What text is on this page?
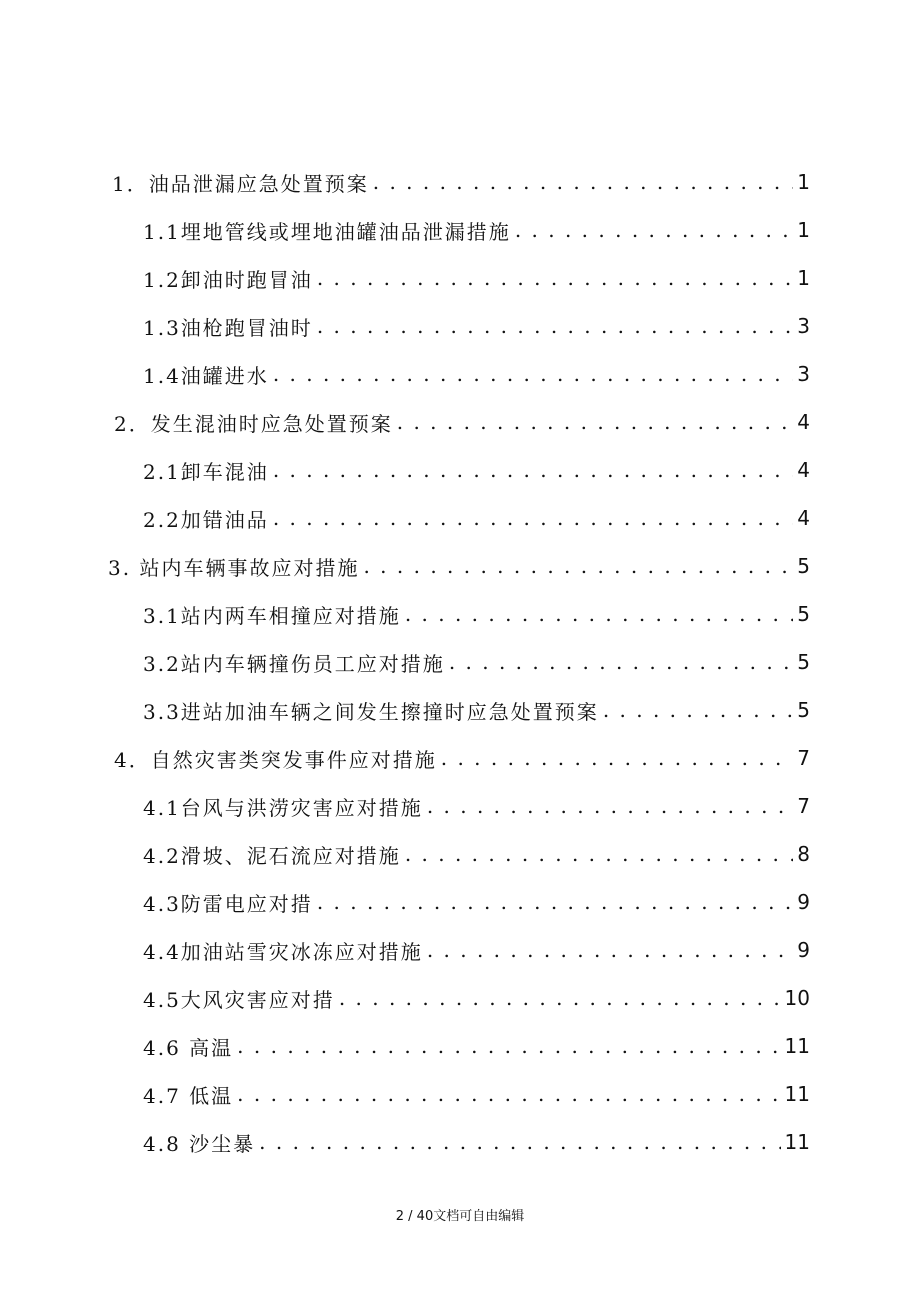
1．油品泄漏应急处置预案 . . .	1
1.1埋地管线或埋地油罐油品泄漏措施 . . .	1
1.2卸油时跑冒油 . . .	1
1.3油枪跑冒油时 . . .	3
1.4油罐进水 . . .	3
2．发生混油时应急处置预案 . . .	4
2.1卸车混油 . . .	4
2.2加错油品 . . .	4
3. 站内车辆事故应对措施 . . .	5
3.1站内两车相撞应对措施 . . .	5
3.2站内车辆撞伤员工应对措施 . . .	5
3.3进站加油车辆之间发生擦撞时应急处置预案 . . .	5
4．自然灾害类突发事件应对措施 . . .	7
4.1台风与洪涝灾害应对措施 . . .	7
4.2滑坡、泥石流应对措施 . . .	8
4.3防雷电应对措 . . .	9
4.4加油站雪灾冰冻应对措施 . . .	9
4.5大风灾害应对措 . . .	10
4.6 高温 . . .	11
4.7 低温 . . .	11
4.8 沙尘暴 . . .	11
2 / 40文档可自由编辑
